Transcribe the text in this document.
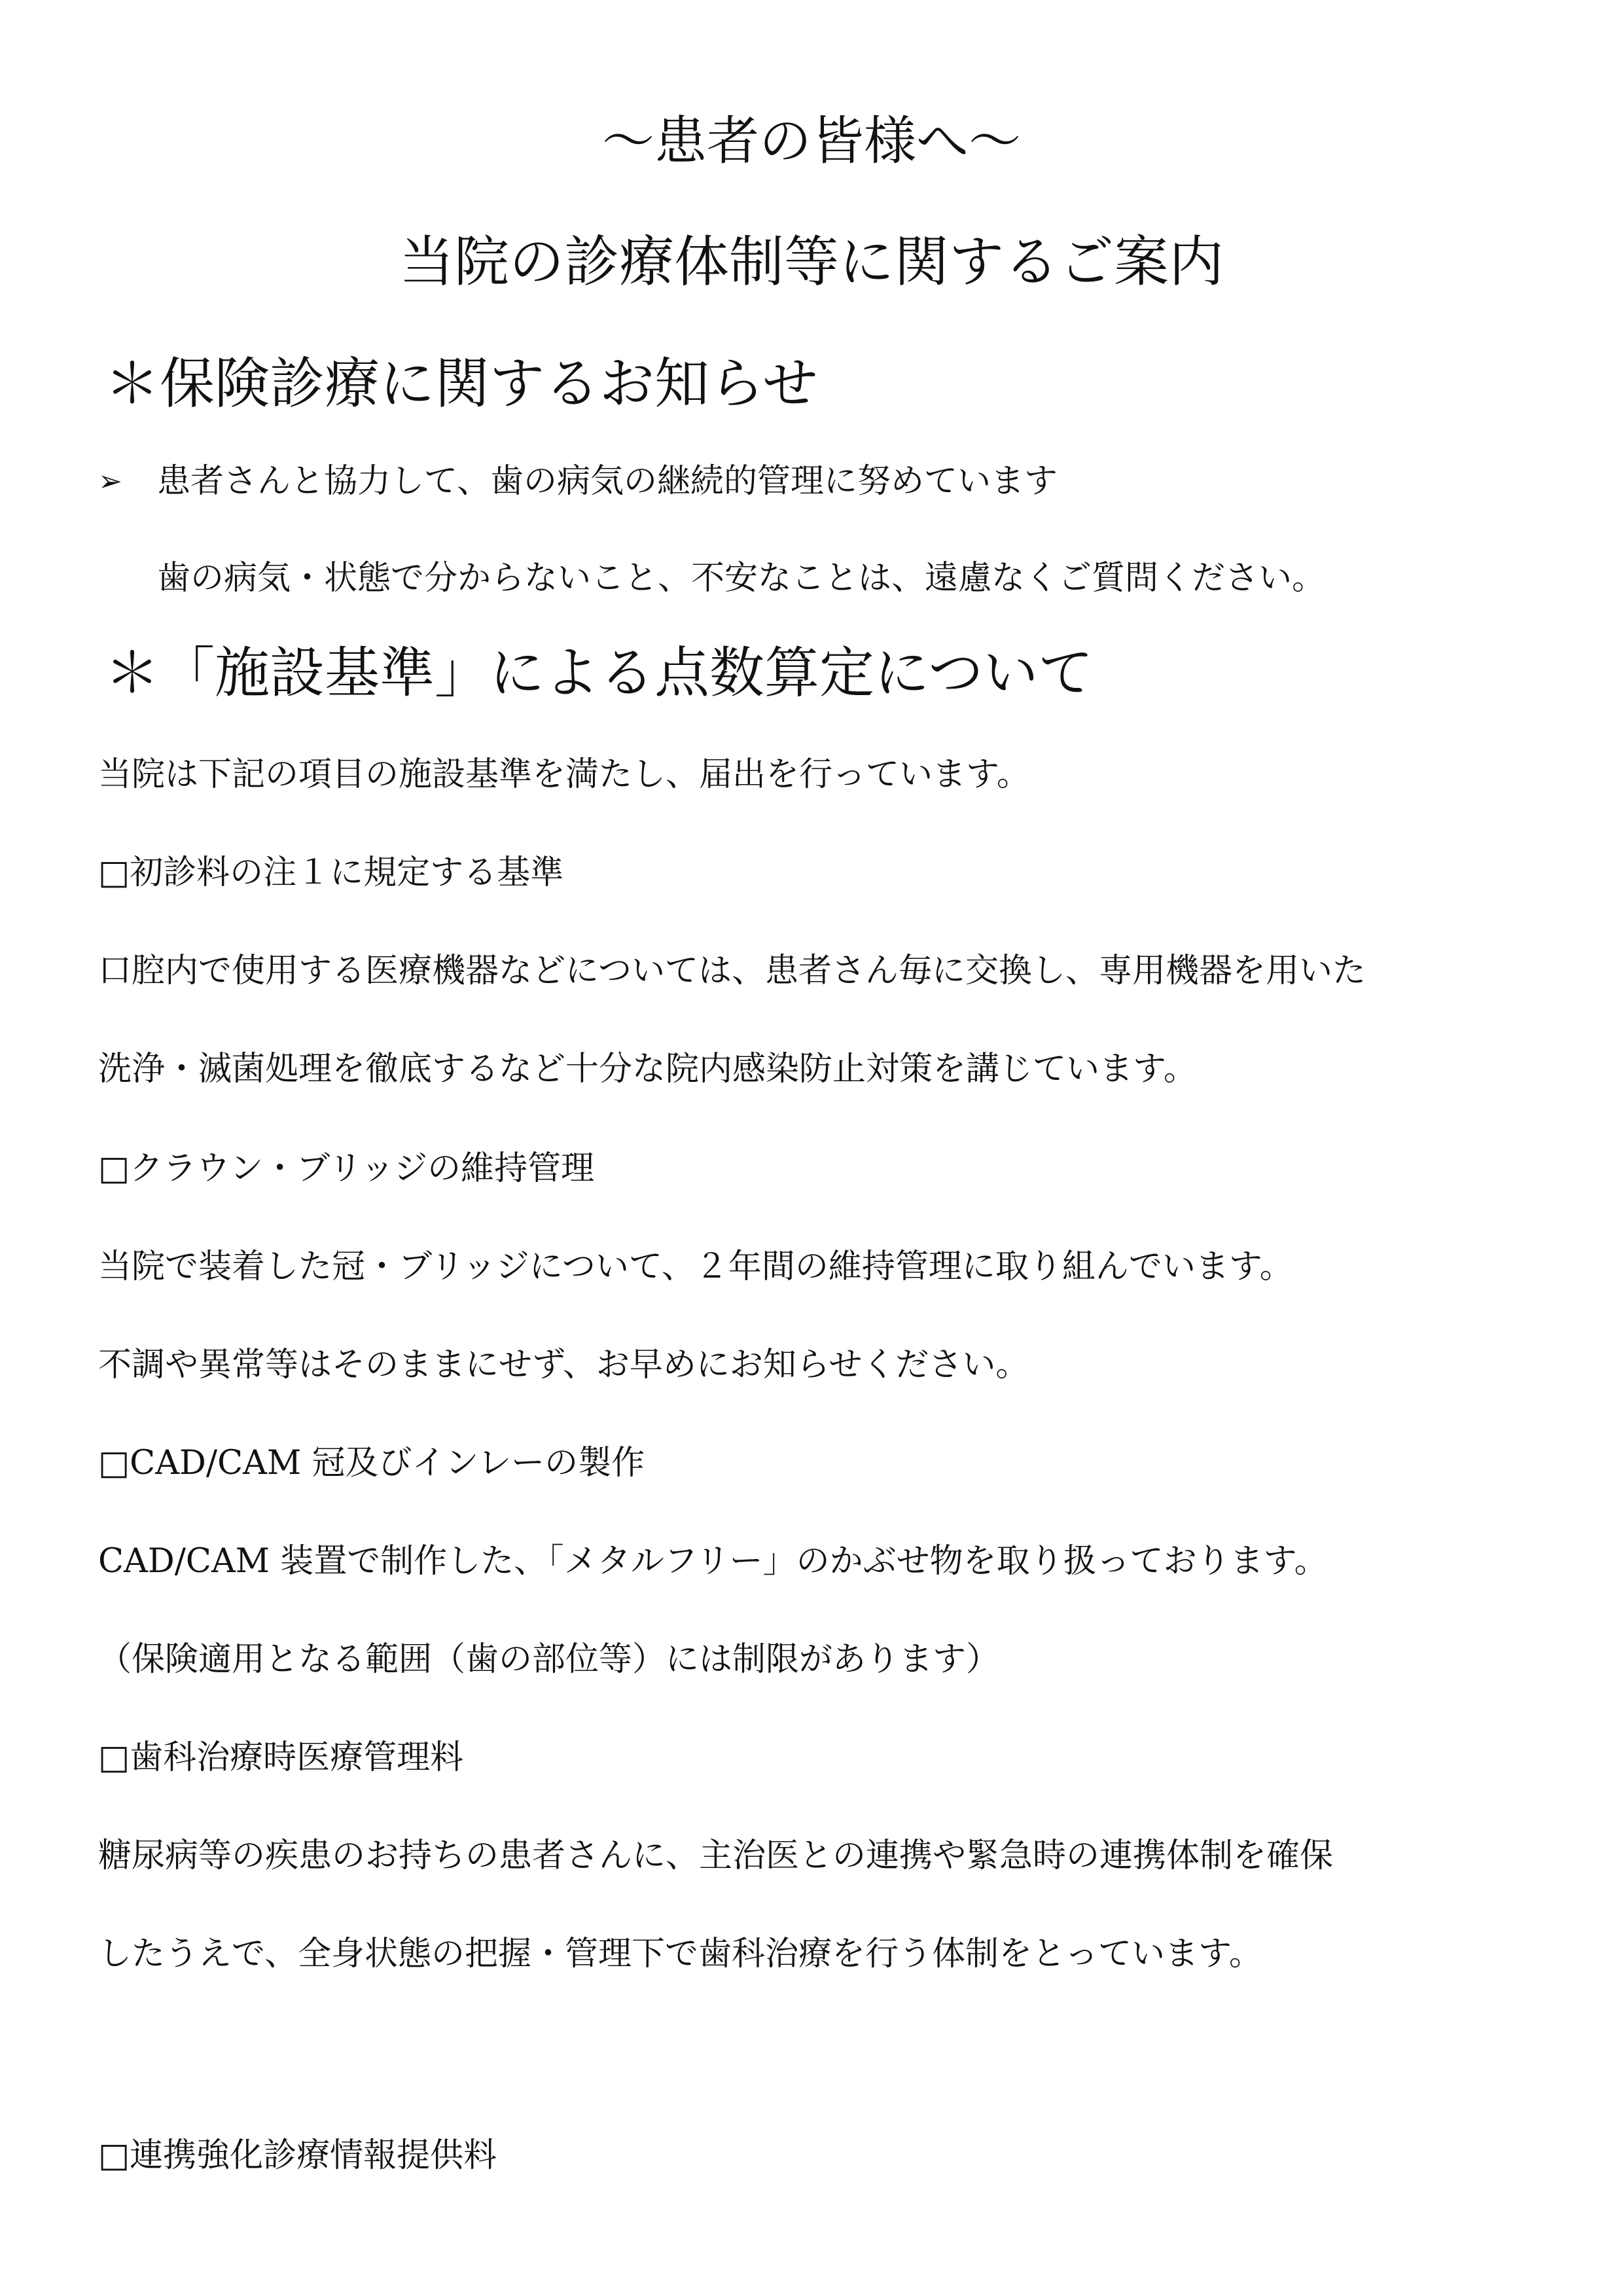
～患者の皆様へ～

当院の診療体制等に関するご案内

＊保険診療に関するお知らせ

➢	患者さんと協力して、歯の病気の継続的管理に努めています

歯の病気・状態で分からないこと、不安なことは、遠慮なくご質問ください。

＊「施設基準」による点数算定について

当院は下記の項目の施設基準を満たし、届出を行っています。

□初診料の注１に規定する基準

口腔内で使用する医療機器などについては、患者さん毎に交換し、専用機器を用いた

洗浄・滅菌処理を徹底するなど十分な院内感染防止対策を講じています。

□クラウン・ブリッジの維持管理

当院で装着した冠・ブリッジについて、２年間の維持管理に取り組んでいます。

不調や異常等はそのままにせず、お早めにお知らせください。

□CAD/CAM 冠及びインレーの製作

CAD/CAM 装置で制作した、「メタルフリー」のかぶせ物を取り扱っております。

（保険適用となる範囲（歯の部位等）には制限があります）

□歯科治療時医療管理料

糖尿病等の疾患のお持ちの患者さんに、主治医との連携や緊急時の連携体制を確保

したうえで、全身状態の把握・管理下で歯科治療を行う体制をとっています。

□連携強化診療情報提供料
